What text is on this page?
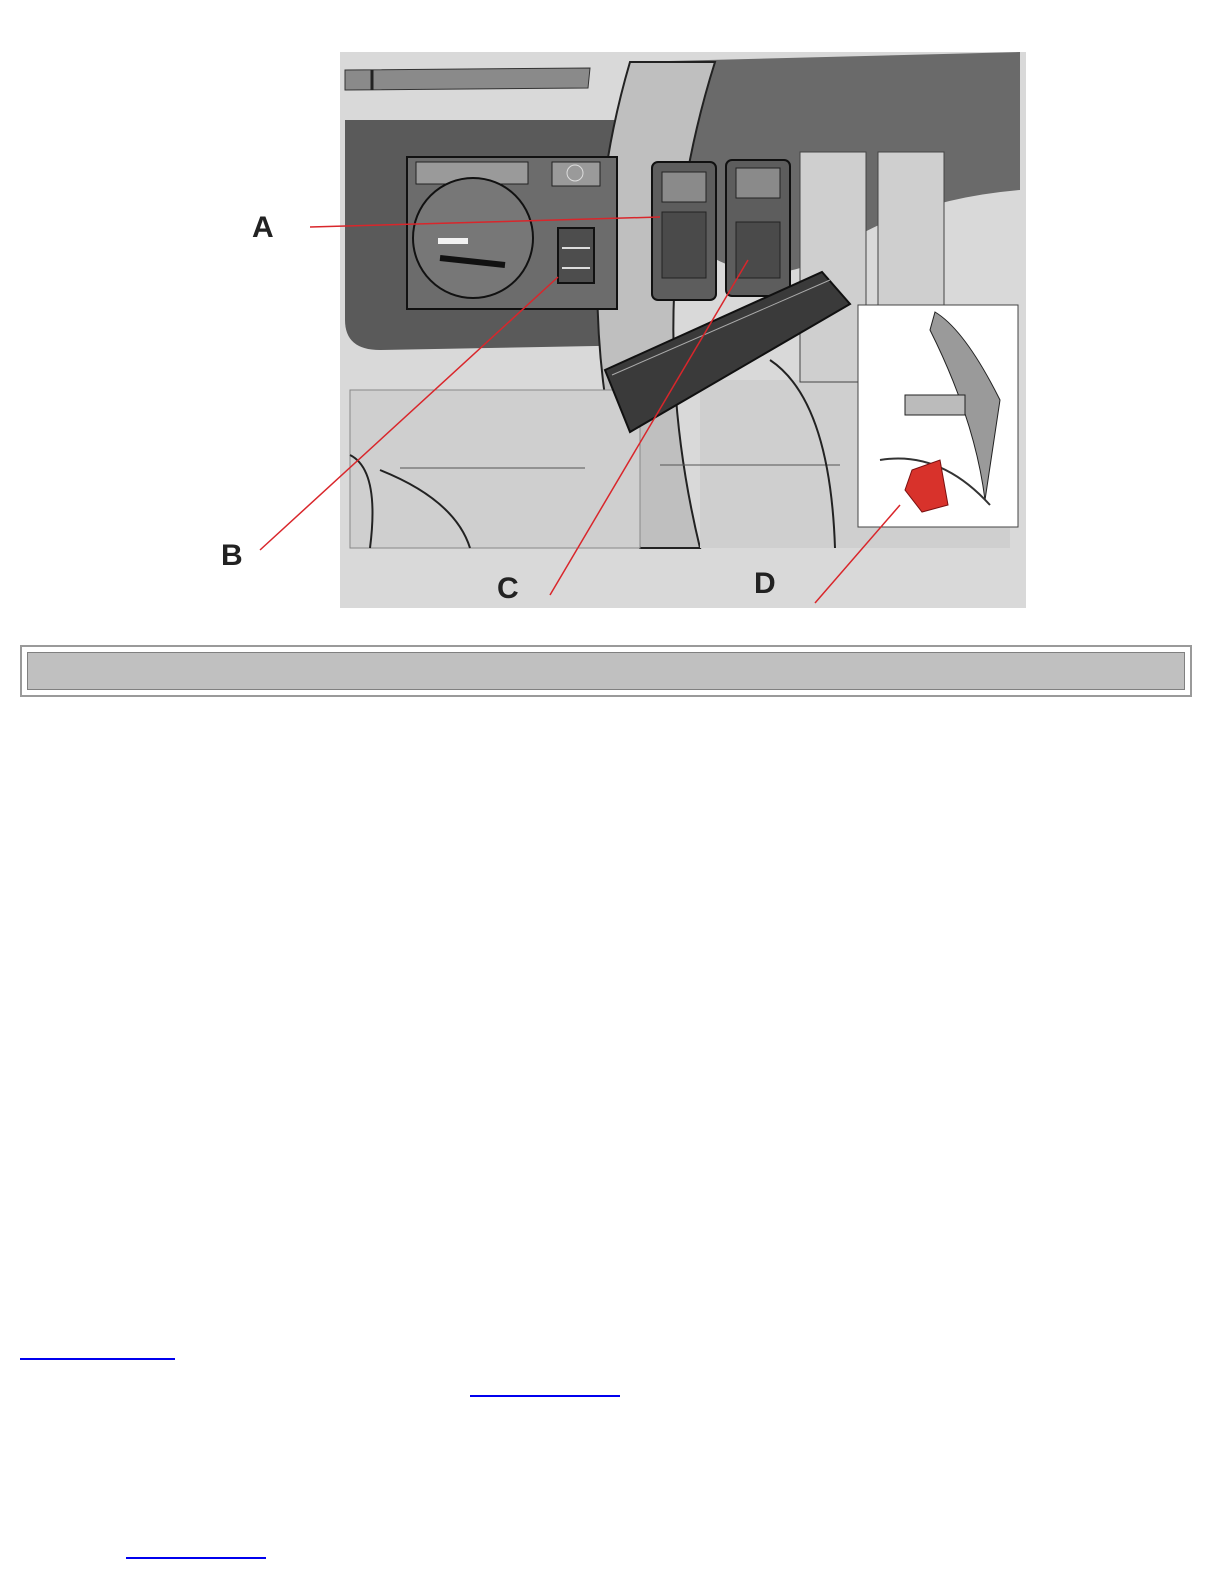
A
B
C	D
